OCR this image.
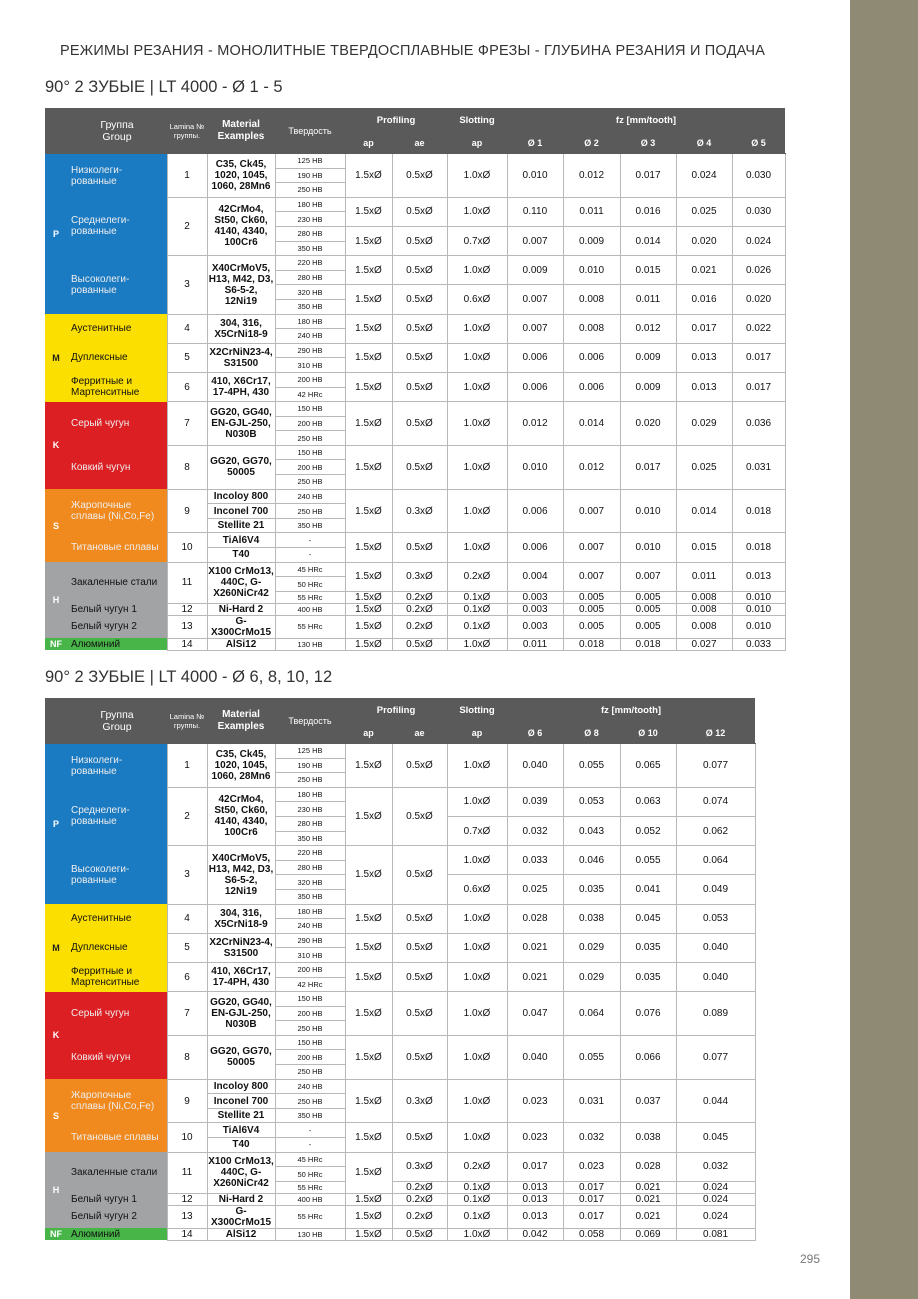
РЕЖИМЫ РЕЗАНИЯ - МОНОЛИТНЫЕ ТВЕРДОСПЛАВНЫЕ ФРЕЗЫ - ГЛУБИНА РЕЗАНИЯ И ПОДАЧА
90° 2 ЗУБЫЕ | LT 4000 - Ø 1 - 5
	Группа
Group	Lamina №
группы.	Material Examples	Твердость	Profiling		Slotting	fz [mm/tooth]				
					ap	ae	ap	Ø 1	Ø 2	Ø 3	Ø 4	Ø 5
P	Низколеги-рованные	1	C35, Ck45, 1020, 1045, 1060, 28Mn6	125 HB	1.5xØ	0.5xØ	1.0xØ	0.010	0.012	0.017	0.024	0.030
				190 HB								
				250 HB								
	Среднелеги-рованные	2	42CrMo4, St50, Ck60, 4140, 4340, 100Cr6	180 HB	1.5xØ	0.5xØ	1.0xØ	0.110	0.011	0.016	0.025	0.030
				230 HB								
				280 HB	1.5xØ	0.5xØ	0.7xØ	0.007	0.009	0.014	0.020	0.024
				350 HB								
	Высоколеги-рованные	3	X40CrMoV5, H13, M42, D3, S6-5-2, 12Ni19	220 HB	1.5xØ	0.5xØ	1.0xØ	0.009	0.010	0.015	0.021	0.026
				280 HB								
				320 HB	1.5xØ	0.5xØ	0.6xØ	0.007	0.008	0.011	0.016	0.020
				350 HB								
M	Аустенитные	4	304, 316, X5CrNi18-9	180 HB	1.5xØ	0.5xØ	1.0xØ	0.007	0.008	0.012	0.017	0.022
				240 HB								
	Дуплексные	5	X2CrNiN23-4, S31500	290 HB	1.5xØ	0.5xØ	1.0xØ	0.006	0.006	0.009	0.013	0.017
				310 HB								
	Ферритные и Мартенситные	6	410, X6Cr17, 17-4PH, 430	200 HB	1.5xØ	0.5xØ	1.0xØ	0.006	0.006	0.009	0.013	0.017
				42 HRc								
K	Серый чугун	7	GG20, GG40, EN-GJL-250, N030B	150 HB	1.5xØ	0.5xØ	1.0xØ	0.012	0.014	0.020	0.029	0.036
				200 HB								
				250 HB								
	Ковкий чугун	8	GG20, GG70, 50005	150 HB	1.5xØ	0.5xØ	1.0xØ	0.010	0.012	0.017	0.025	0.031
				200 HB								
				250 HB								
S	Жаропочные сплавы (Ni,Co,Fe)	9	Incoloy 800	240 HB	1.5xØ	0.3xØ	1.0xØ	0.006	0.007	0.010	0.014	0.018
			Inconel 700	250 HB								
			Stellite 21	350 HB								
	Титановые сплавы	10	TiAl6V4	-	1.5xØ	0.5xØ	1.0xØ	0.006	0.007	0.010	0.015	0.018
			T40	-								
H	Закаленные стали	11	X100 CrMo13, 440C, G-X260NiCr42	45 HRc	1.5xØ	0.3xØ	0.2xØ	0.004	0.007	0.007	0.011	0.013
				50 HRc								
				55 HRc	1.5xØ	0.2xØ	0.1xØ	0.003	0.005	0.005	0.008	0.010
	Белый чугун 1	12	Ni-Hard 2	400 HB	1.5xØ	0.2xØ	0.1xØ	0.003	0.005	0.005	0.008	0.010
	Белый чугун 2	13	G-X300CrMo15	55 HRc	1.5xØ	0.2xØ	0.1xØ	0.003	0.005	0.005	0.008	0.010
NF	Алюминий	14	AlSi12	130 HB	1.5xØ	0.5xØ	1.0xØ	0.011	0.018	0.018	0.027	0.033
90° 2 ЗУБЫЕ | LT 4000 - Ø 6, 8, 10, 12
	Группа
Group	Lamina №
группы.	Material Examples	Твердость	Profiling		Slotting	fz [mm/tooth]			
					ap	ae	ap	Ø 6	Ø 8	Ø 10	Ø 12
P	Низколеги-рованные	1	C35, Ck45, 1020, 1045, 1060, 28Mn6	125 HB	1.5xØ	0.5xØ	1.0xØ	0.040	0.055	0.065	0.077
				190 HB							
				250 HB							
	Среднелеги-рованные	2	42CrMo4, St50, Ck60, 4140, 4340, 100Cr6	180 HB	1.5xØ	0.5xØ	1.0xØ	0.039	0.053	0.063	0.074
				230 HB							
				280 HB			0.7xØ	0.032	0.043	0.052	0.062
				350 HB							
	Высоколеги-рованные	3	X40CrMoV5, H13, M42, D3, S6-5-2, 12Ni19	220 HB	1.5xØ	0.5xØ	1.0xØ	0.033	0.046	0.055	0.064
				280 HB							
				320 HB			0.6xØ	0.025	0.035	0.041	0.049
				350 HB							
M	Аустенитные	4	304, 316, X5CrNi18-9	180 HB	1.5xØ	0.5xØ	1.0xØ	0.028	0.038	0.045	0.053
				240 HB							
	Дуплексные	5	X2CrNiN23-4, S31500	290 HB	1.5xØ	0.5xØ	1.0xØ	0.021	0.029	0.035	0.040
				310 HB							
	Ферритные и Мартенситные	6	410, X6Cr17, 17-4PH, 430	200 HB	1.5xØ	0.5xØ	1.0xØ	0.021	0.029	0.035	0.040
				42 HRc							
K	Серый чугун	7	GG20, GG40, EN-GJL-250, N030B	150 HB	1.5xØ	0.5xØ	1.0xØ	0.047	0.064	0.076	0.089
				200 HB							
				250 HB							
	Ковкий чугун	8	GG20, GG70, 50005	150 HB	1.5xØ	0.5xØ	1.0xØ	0.040	0.055	0.066	0.077
				200 HB							
				250 HB							
S	Жаропочные сплавы (Ni,Co,Fe)	9	Incoloy 800	240 HB	1.5xØ	0.3xØ	1.0xØ	0.023	0.031	0.037	0.044
			Inconel 700	250 HB							
			Stellite 21	350 HB							
	Титановые сплавы	10	TiAl6V4	-	1.5xØ	0.5xØ	1.0xØ	0.023	0.032	0.038	0.045
			T40	-							
H	Закаленные стали	11	X100 CrMo13, 440C, G-X260NiCr42	45 HRc	1.5xØ	0.3xØ	0.2xØ	0.017	0.023	0.028	0.032
				50 HRc							
				55 HRc		0.2xØ	0.1xØ	0.013	0.017	0.021	0.024
	Белый чугун 1	12	Ni-Hard 2	400 HB	1.5xØ	0.2xØ	0.1xØ	0.013	0.017	0.021	0.024
	Белый чугун 2	13	G-X300CrMo15	55 HRc	1.5xØ	0.2xØ	0.1xØ	0.013	0.017	0.021	0.024
NF	Алюминий	14	AlSi12	130 HB	1.5xØ	0.5xØ	1.0xØ	0.042	0.058	0.069	0.081
295
